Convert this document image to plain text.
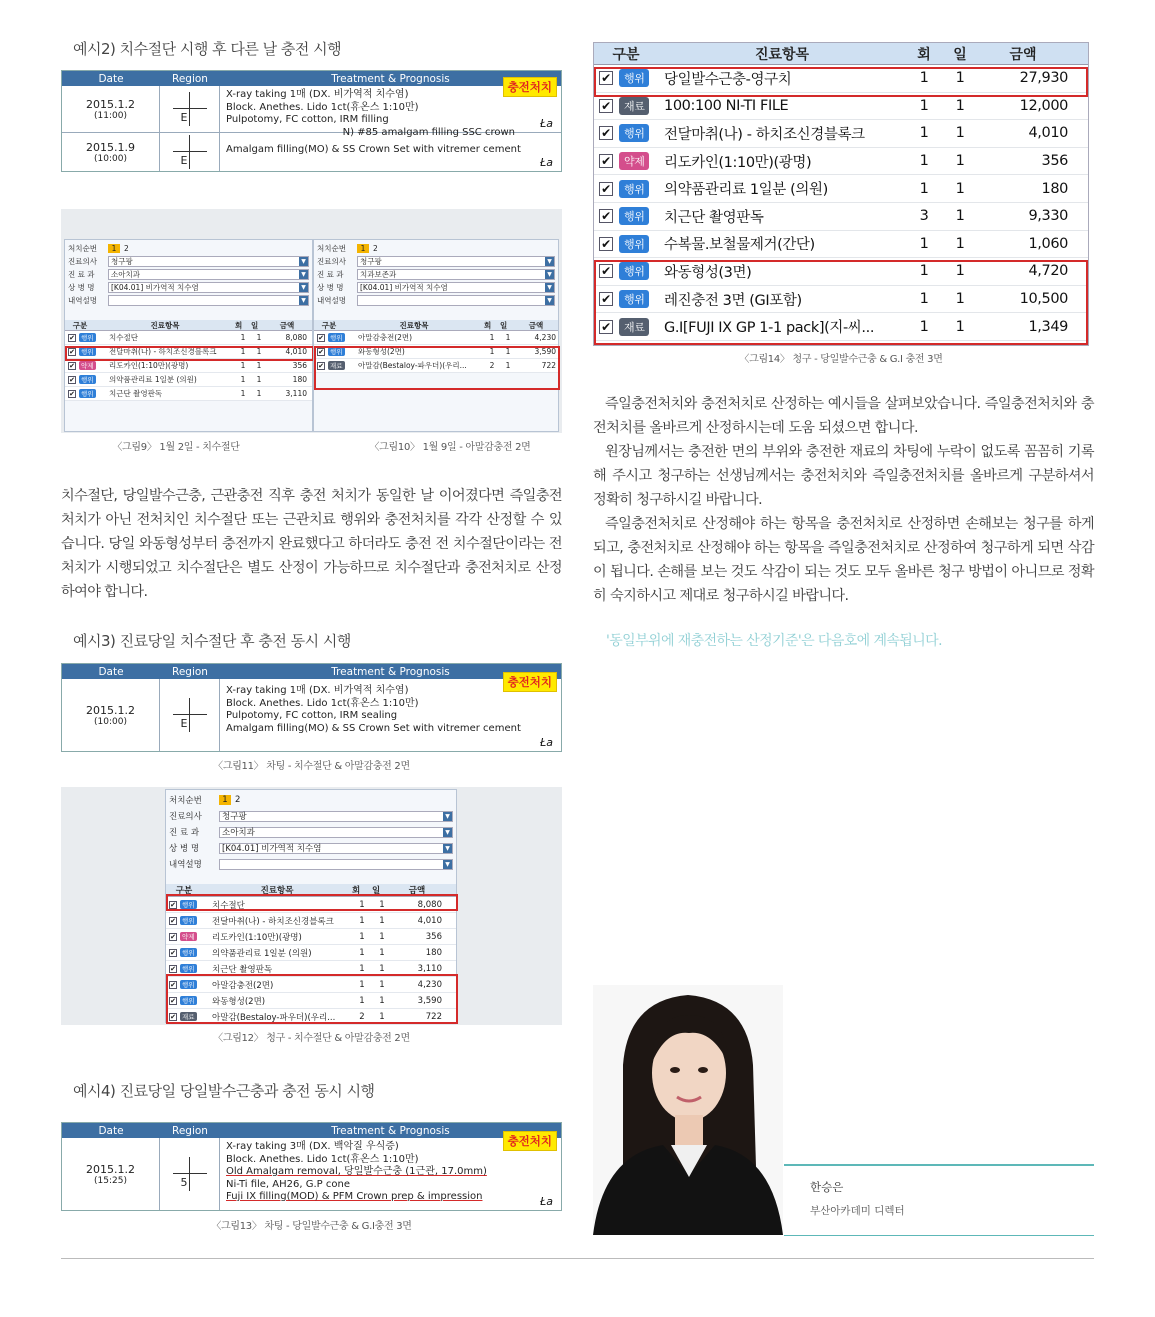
예시2) 치수절단 시행 후 다른 날 충전 시행
Date	Region	Treatment & Prognosis
충전처치
2015.1.2
(11:00)	E
X-ray taking 1매 (DX. 비가역적 치수염)
Block. Anethes. Lido 1ct(휴온스 1:10만)
Pulpotomy, FC cotton, IRM filling
N) #85 amalgam filling SSC crown
Ła
2015.1.9
(10:00)	E
Amalgam filling(MO) & SS Crown Set with vitremer cement
Ła
처치순번	1	2
진료의사	청구팡 ▼
진 료 과	소아치과 ▼
상 병 명	[K04.01] 비가역적 치수염 ▼
내역설명
▼
구분	진료항목	회	일	금액
✔ 행위 치수절단	1	1	8,080
✔ 행위 전달마취(나) - 하치조신경블록크	1	1	4,010
✔ 약제 리도카인(1:10만)(광명)	1	1	356
✔ 행위 의약품관리료 1일분 (의원)	1	1	180
✔ 행위 치근단 촬영판독	1	1	3,110
처치순번	1	2
진료의사	청구팡 ▼
진 료 과	치과보존과 ▼
상 병 명	[K04.01] 비가역적 치수염 ▼
내역설명
▼
구분	진료항목	회	일	금액
✔ 행위 아말감충전(2면)	1	1	4,230
✔ 행위 와동형성(2면)	1	1	3,590
✔ 재료 아말감(Bestaloy-파우더)(우리...	2	1	722
〈그림9〉 1월 2일 - 치수절단	〈그림10〉 1월 9일 - 아말감충전 2면
치수절단, 당일발수근충, 근관충전 직후 충전 처치가 동일한 날 이어졌다면 즉일충전처치가 아닌 전처치인 치수절단 또는 근관치료 행위와 충전처치를 각각 산정할 수 있습니다. 당일 와동형성부터 충전까지 완료했다고 하더라도 충전 전 치수절단이라는 전처치가 시행되었고 치수절단은 별도 산정이 가능하므로 치수절단과 충전처치로 산정하여야 합니다.
예시3) 진료당일 치수절단 후 충전 동시 시행
Date	Region	Treatment & Prognosis
충전처치
2015.1.2
(10:00)	E
X-ray taking 1매 (DX. 비가역적 치수염)
Block. Anethes. Lido 1ct(휴온스 1:10만)
Pulpotomy, FC cotton, IRM sealing
Amalgam filling(MO) & SS Crown Set with vitremer cement
Ła
〈그림11〉 차팅 - 치수절단 & 아말감충전 2면
처치순번	1 2
진료의사	청구팡 ▼
진 료 과	소아치과 ▼
상 병 명	[K04.01] 비가역적 치수염 ▼
내역설명
▼
구분	진료항목	회	일	금액
✔ 행위 치수절단	1	1	8,080
✔ 행위 전달마취(나) - 하치조신경블록크	1	1	4,010
✔ 약제 리도카인(1:10만)(광명)	1	1	356
✔ 행위 의약품관리료 1일분 (의원)	1	1	180
✔ 행위 치근단 촬영판독	1	1	3,110
✔ 행위 아말감충전(2면)	1	1	4,230
✔ 행위 와동형성(2면)	1	1	3,590
✔ 재료 아말감(Bestaloy-파우더)(우리...	2	1	722
〈그림12〉 청구 - 치수절단 & 아말감충전 2면
예시4) 진료당일 당일발수근충과 충전 동시 시행
Date	Region	Treatment & Prognosis
충전처치
2015.1.2
(15:25)	5
X-ray taking 3매 (DX. 백악질 우식증)
Block. Anethes. Lido 1ct(휴온스 1:10만)
Old Amalgam removal, 당일발수근충 (1근관, 17.0mm)
Ni-Ti file, AH26, G.P cone
Fuji IX filling(MOD) & PFM Crown prep & impression	Ła
〈그림13〉 차팅 - 당일발수근충 & G.I충전 3면
구분	진료항목	회	일	금액
✔	행위	당일발수근충-영구치	1	1	27,930
✔	재료	100:100 NI-TI FILE	1	1	12,000
✔	행위	전달마취(나) - 하치조신경블록크	1	1	4,010
✔	약제	리도카인(1:10만)(광명)	1	1	356
✔	행위	의약품관리료 1일분 (의원)	1	1	180
✔	행위	치근단 촬영판독	3	1	9,330
✔	행위	수복물.보철물제거(간단)	1	1	1,060
✔	행위	와동형성(3면)	1	1	4,720
✔	행위	레진충전 3면 (GI포함)	1	1	10,500
✔	재료	G.I[FUJI IX GP 1-1 pack](지-씨...	1	1	1,349
〈그림14〉 청구 - 당일발수근충 & G.I 충전 3면
즉일충전처치와 충전처치로 산정하는 예시들을 살펴보았습니다. 즉일충전처치와 충전처치를 올바르게 산정하시는데 도움 되셨으면 합니다.
원장님께서는 충전한 면의 부위와 충전한 재료의 차팅에 누락이 없도록 꼼꼼히 기록해 주시고 청구하는 선생님께서는 충전처치와 즉일충전처치를 올바르게 구분하셔서 정확히 청구하시길 바랍니다.
즉일충전처치로 산정해야 하는 항목을 충전처치로 산정하면 손해보는 청구를 하게 되고, 충전처치로 산정해야 하는 항목을 즉일충전처치로 산정하여 청구하게 되면 삭감이 됩니다. 손해를 보는 것도 삭감이 되는 것도 모두 올바른 청구 방법이 아니므로 정확히 숙지하시고 제대로 청구하시길 바랍니다.
'동일부위에 재충전하는 산정기준'은 다음호에 계속됩니다.
한승은
부산아카데미 디렉터
